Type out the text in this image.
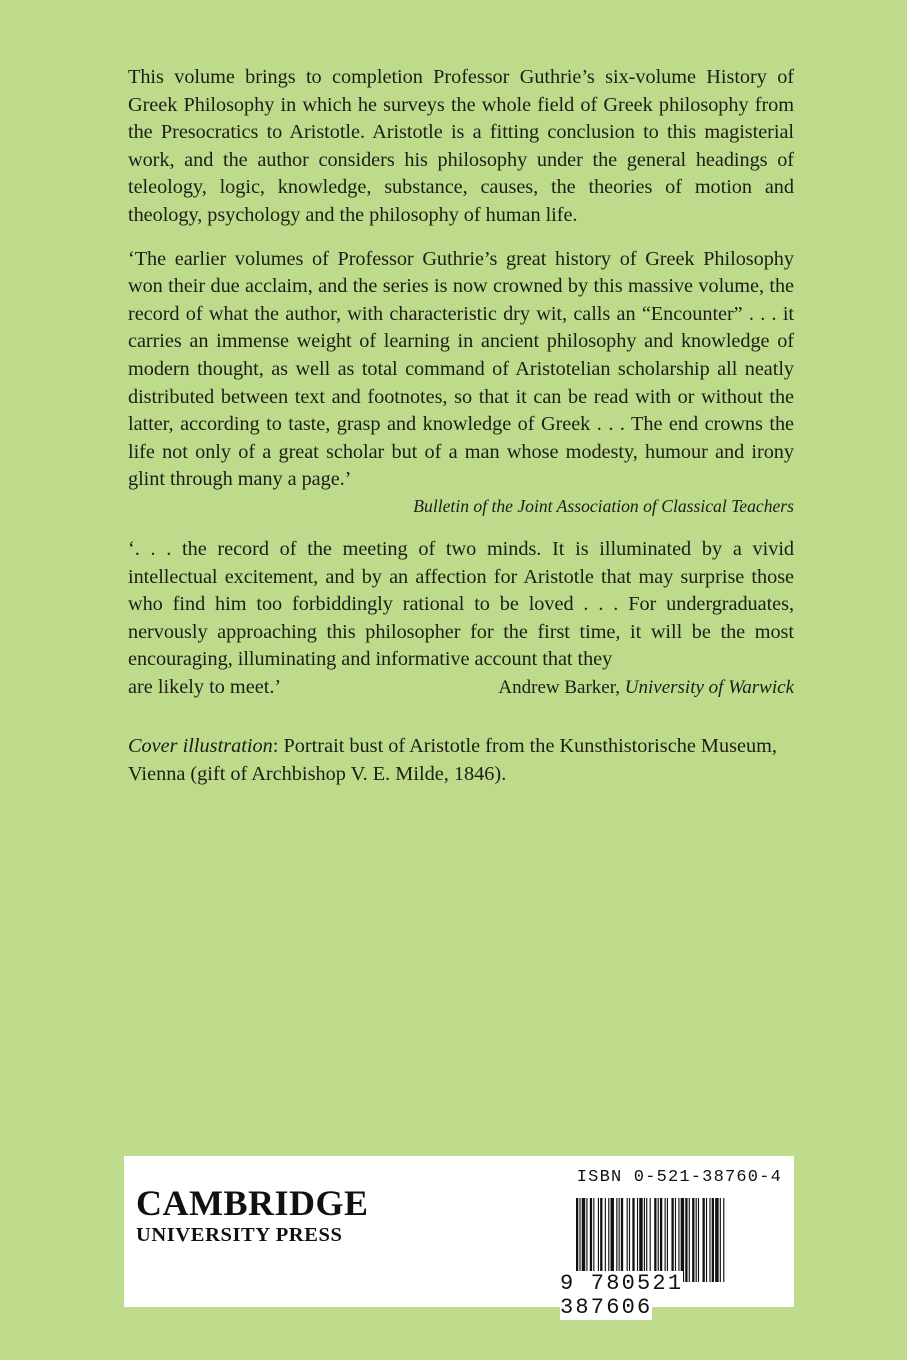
This volume brings to completion Professor Guthrie’s six-volume History of Greek Philosophy in which he surveys the whole field of Greek philosophy from the Presocratics to Aristotle. Aristotle is a fitting conclusion to this magisterial work, and the author considers his philosophy under the general headings of teleology, logic, knowledge, substance, causes, the theories of motion and theology, psychology and the philosophy of human life.

‘The earlier volumes of Professor Guthrie’s great history of Greek Philosophy won their due acclaim, and the series is now crowned by this massive volume, the record of what the author, with characteristic dry wit, calls an “Encounter” . . . it carries an immense weight of learning in ancient philosophy and knowledge of modern thought, as well as total command of Aristotelian scholarship all neatly distributed between text and footnotes, so that it can be read with or without the latter, according to taste, grasp and knowledge of Greek . . . The end crowns the life not only of a great scholar but of a man whose modesty, humour and irony glint through many a page.’

Bulletin of the Joint Association of Classical Teachers

‘. . . the record of the meeting of two minds. It is illuminated by a vivid intellectual excitement, and by an affection for Aristotle that may surprise those who find him too forbiddingly rational to be loved . . . For undergraduates, nervously approaching this philosopher for the first time, it will be the most encouraging, illuminating and informative account that they

are likely to meet.’	Andrew Barker, University of Warwick

Cover illustration: Portrait bust of Aristotle from the Kunsthistorische Museum, Vienna (gift of Archbishop V. E. Milde, 1846).

CAMBRIDGE
UNIVERSITY PRESS
ISBN 0-521-38760-4
9 780521 387606
